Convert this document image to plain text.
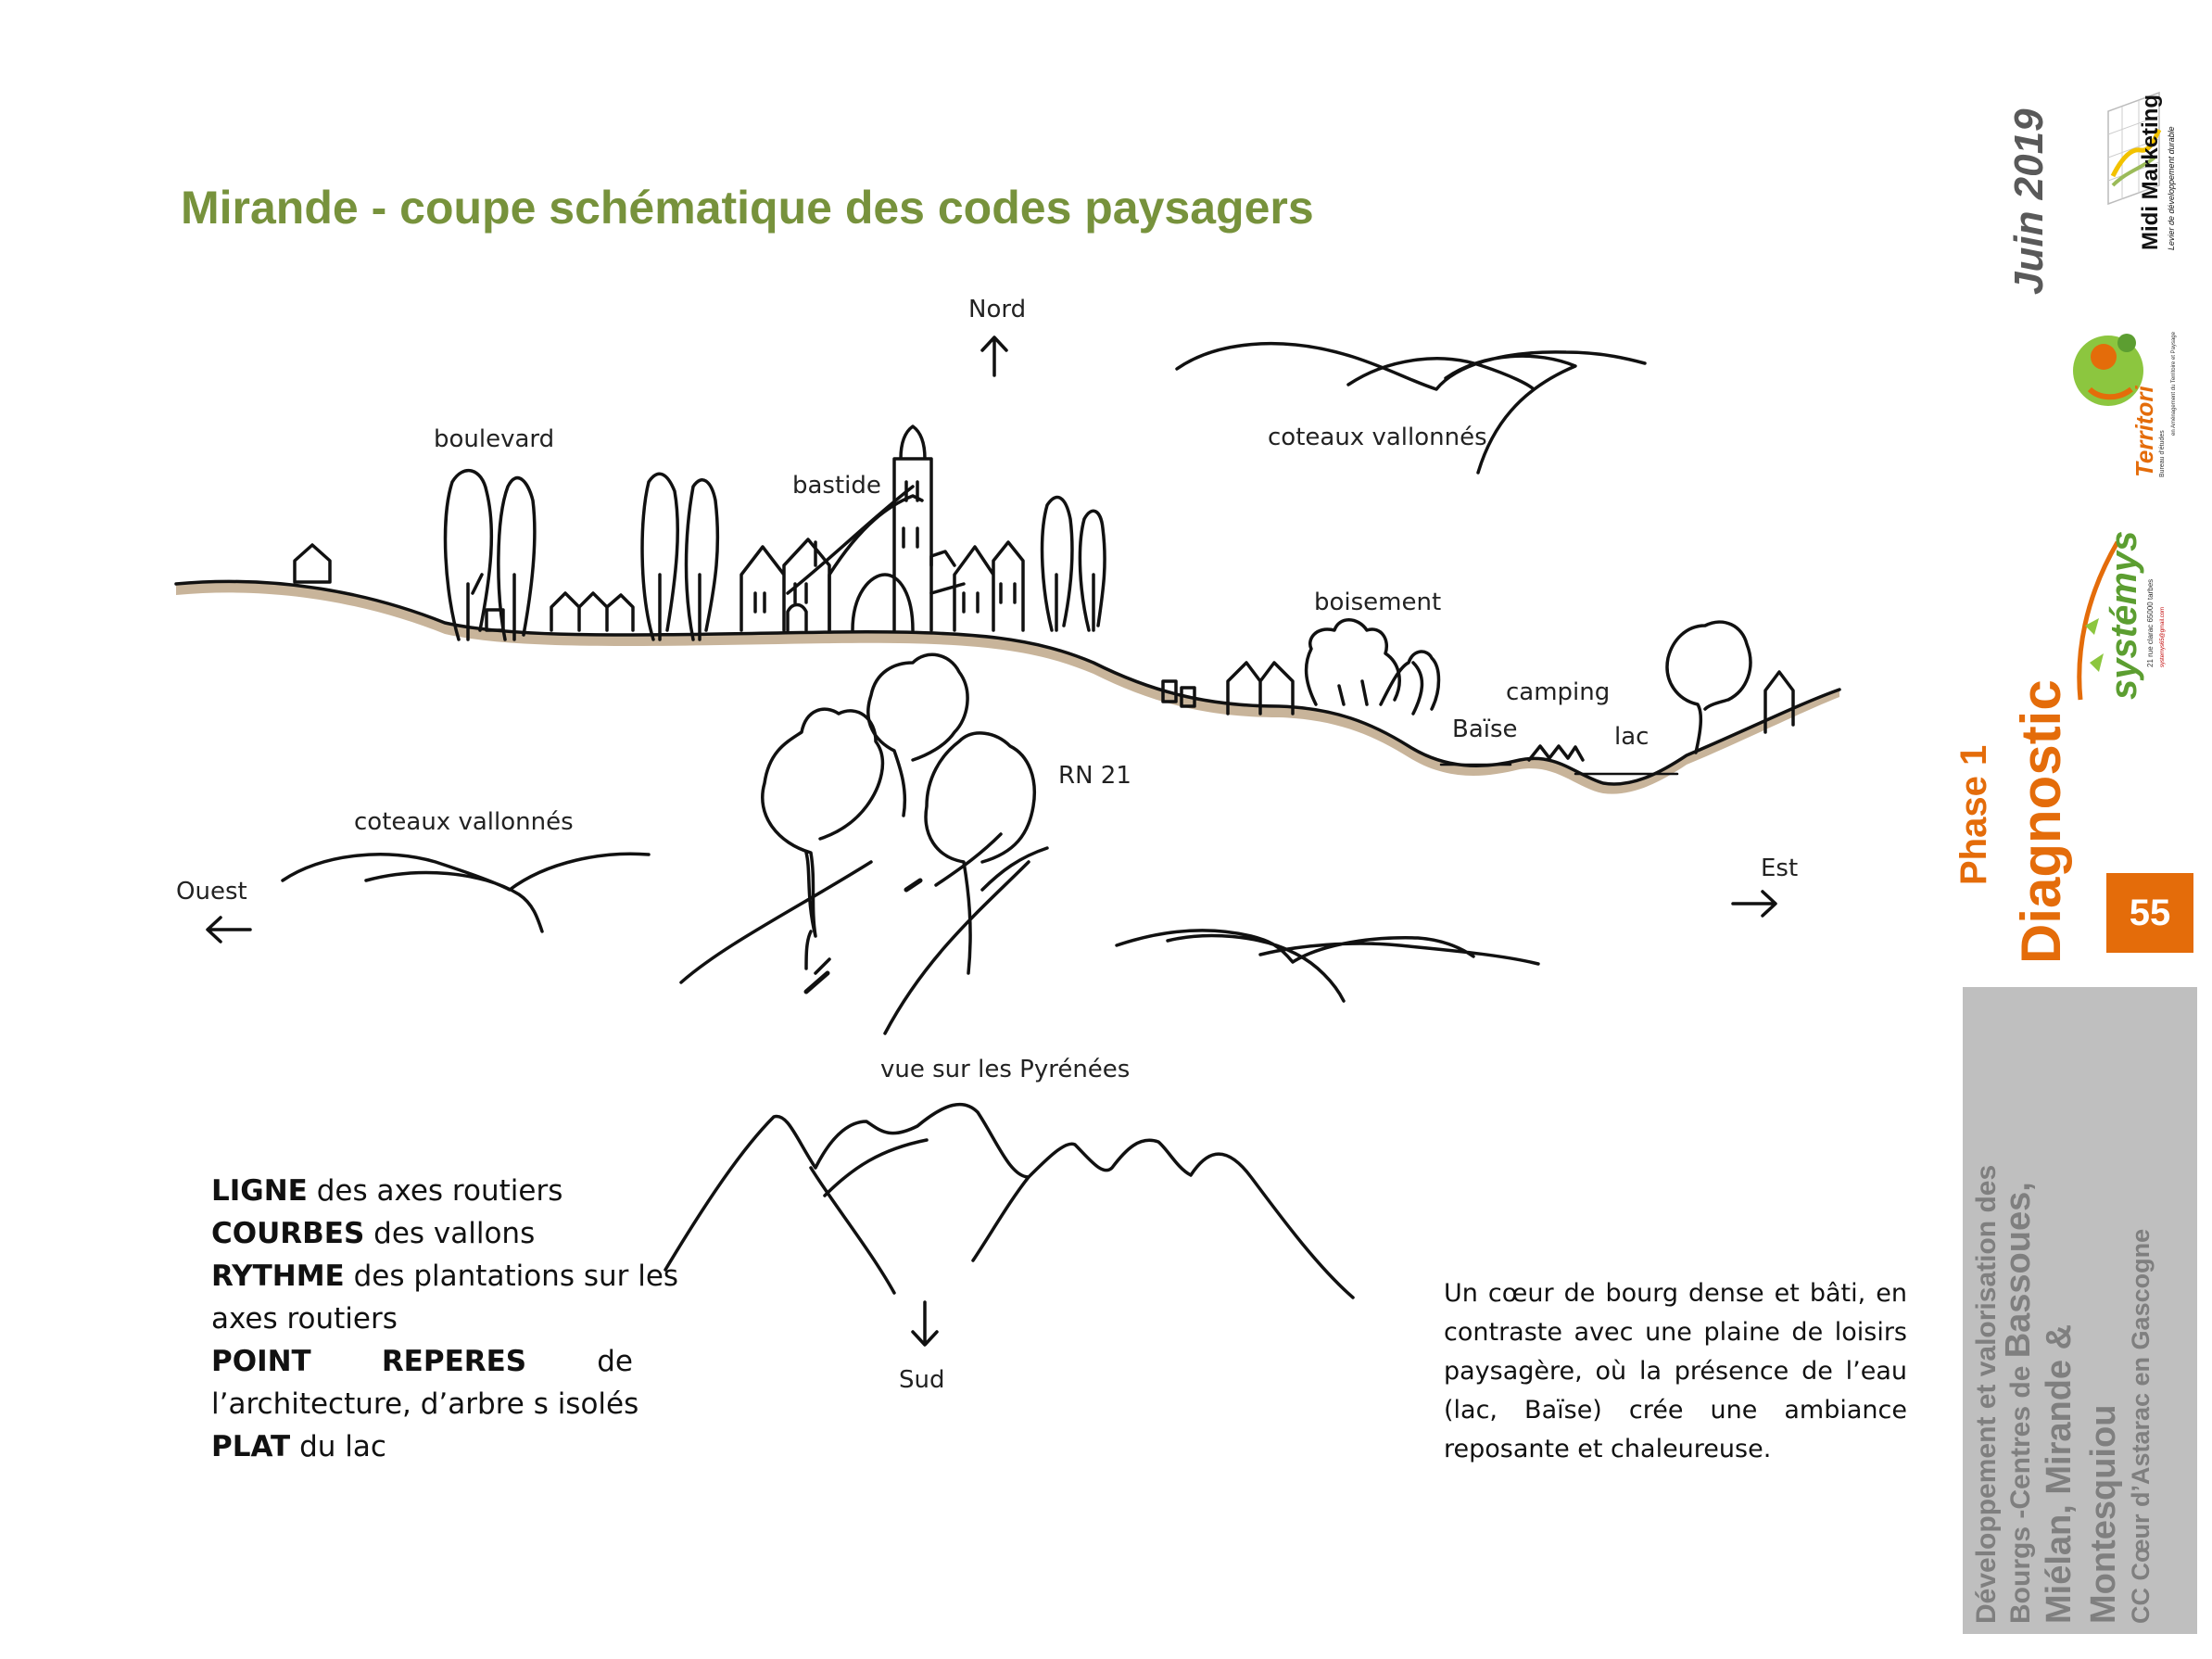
Mirande - coupe schématique des codes paysagers
Nord
Sud
Est
Ouest
boulevard
bastide
coteaux vallonnés
coteaux vallonnés
boisement
camping
Baïse	lac
RN 21
vue sur les Pyrénées
LIGNE des axes routiers
COURBES des vallons
RYTHME des plantations sur les
axes routiers
POINT REPERES de
l’architecture, d’arbre s isolés
PLAT du lac
Un cœur de bourg dense et bâti, en contraste avec une plaine de loisirs paysagère, où la présence de l’eau (lac, Baïse) crée une ambiance reposante et chaleureuse.
Juin 2019	Midi Marketing Levier de développement durable
Territori Bureau d'études
en Aménagement du Territoire et Paysage
systémys 21 rue clarac 65000 tarbes systemys65@gmail.com
Phase 1 Diagnostic	55
Développement et valorisation des Bourgs -Centres de Bassoues,
Miélan, Mirande & Montesquiou CC Cœur d’Astarac en Gascogne
